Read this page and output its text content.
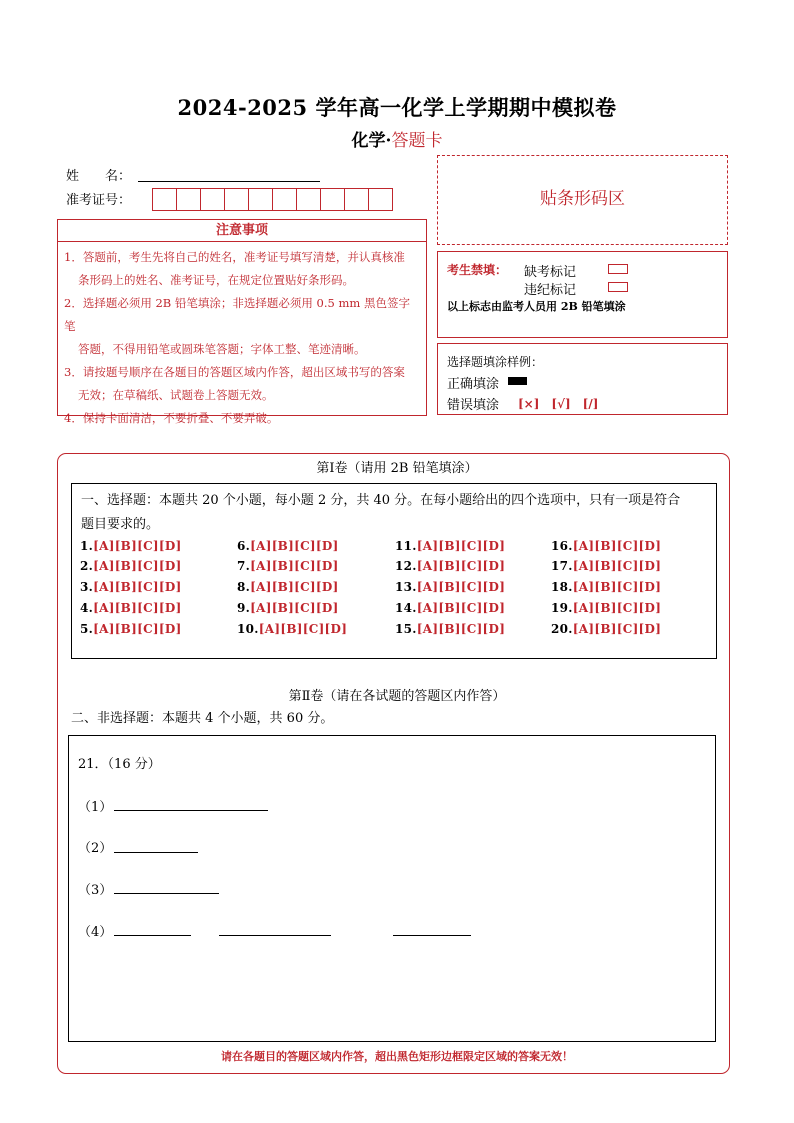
2024-2025 学年高一化学上学期期中模拟卷
化学·答题卡
姓　　名：
准考证号：
注意事项
1．答题前，考生先将自己的姓名，准考证号填写清楚，并认真核准
条形码上的姓名、准考证号，在规定位置贴好条形码。
2．选择题必须用 2B 铅笔填涂；非选择题必须用 0.5 mm 黑色签字笔
答题，不得用铅笔或圆珠笔答题；字体工整、笔迹清晰。
3．请按题号顺序在各题目的答题区域内作答，超出区域书写的答案
无效；在草稿纸、试题卷上答题无效。
4．保持卡面清洁，不要折叠、不要弄破。
贴条形码区
考生禁填： 缺考标记
违纪标记
以上标志由监考人员用 2B 铅笔填涂
选择题填涂样例：
正确填涂
错误填涂 [×]　[√]　[/]
第Ⅰ卷（请用 2B 铅笔填涂）
一、选择题：本题共 20 个小题，每小题 2 分，共 40 分。在每小题给出的四个选项中，只有一项是符合
题目要求的。
1.[A][B][C][D]
2.[A][B][C][D]
3.[A][B][C][D]
4.[A][B][C][D]
5.[A][B][C][D]
6.[A][B][C][D]
7.[A][B][C][D]
8.[A][B][C][D]
9.[A][B][C][D]
10.[A][B][C][D]
11.[A][B][C][D]
12.[A][B][C][D]
13.[A][B][C][D]
14.[A][B][C][D]
15.[A][B][C][D]
16.[A][B][C][D]
17.[A][B][C][D]
18.[A][B][C][D]
19.[A][B][C][D]
20.[A][B][C][D]
第Ⅱ卷（请在各试题的答题区内作答）
二、非选择题：本题共 4 个小题，共 60 分。
21．（16 分）
（1）
（2）
（3）
（4）
请在各题目的答题区域内作答，超出黑色矩形边框限定区域的答案无效！
